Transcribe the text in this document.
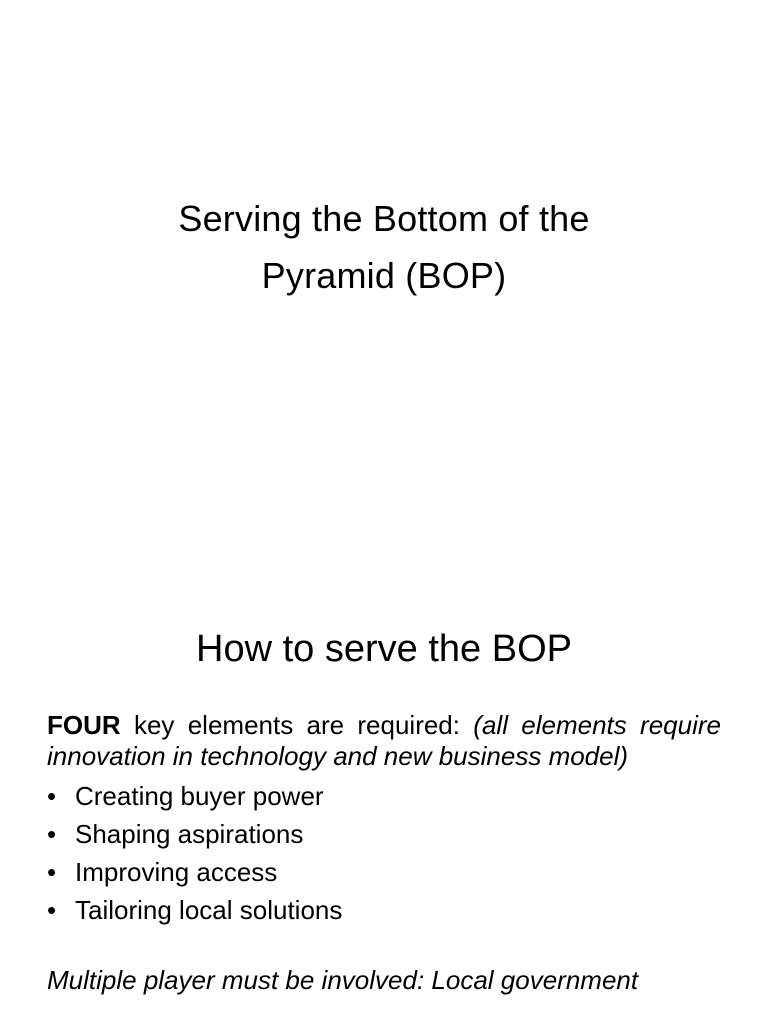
Serving the Bottom of the
Pyramid (BOP)
How to serve the BOP

FOUR key elements are required: (all elements require innovation in technology and new business model)

• Creating buyer power
• Shaping aspirations
• Improving access
• Tailoring local solutions

Multiple player must be involved: Local government
